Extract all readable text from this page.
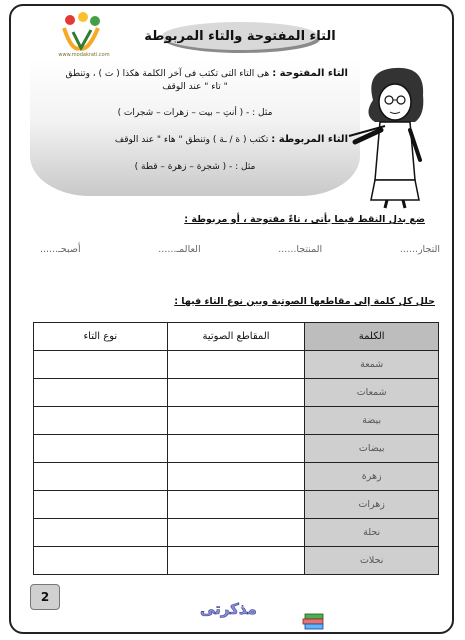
www.modakrati.com
التاء المفتوحة والتاء المربوطة
التاء المفتوحة : هى التاء التى تكتب فى آخر الكلمة هكذا ( ت ) ، وتنطق
" تاء " عند الوقف
مثل : - ( أنتِ – بيت – زهرات – شجرات )
التاء المربوطة : تكتب ( ة / ـة ) وتنطق " هاء " عند الوقف
مثل : - ( شجرة – زهرة – قطة )
ضع بدل النقط فيما يأتى ، تاءً مفتوحة ، أو مربوطة :
التجار......
المنتجا......
العالمـ......
أصبحـ......
حلل كل كلمة إلى مقاطعها الصوتية وبين نوع التاء فيها :
الكلمة	المقاطع الصوتية	نوع التاء
شمعة		
شمعات		
بيضة		
بيضات		
زهرة		
زهرات		
نحلة		
نحلات		
2
مذكرتى
